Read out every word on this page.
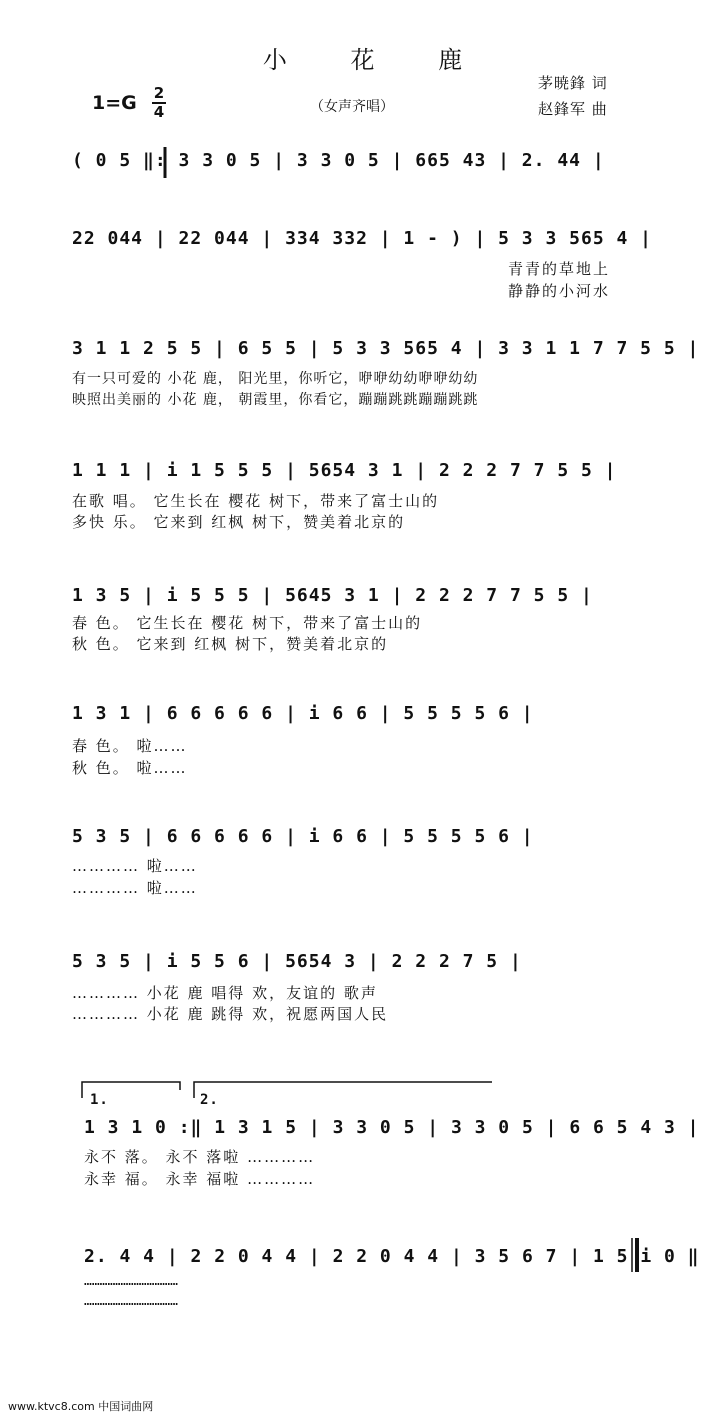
小 花 鹿
茅暁鋒 词
赵鋒军 曲
1=G 2
4	（女声齐唱）
( 0 5 ‖: 3 3 0 5 | 3 3 0 5 | 665 43 | 2. 44 |
22 044 | 22 044 | 334 332 | 1 - ) | 5 3 3 565 4 |
青青的草地上
静静的小河水
3 1 1 2 5 5 | 6 5 5 | 5 3 3 565 4 | 3 3 1 1 7 7 5 5 |
有一只可爱的 小花 鹿， 阳光里，你听它，咿咿幼幼咿咿幼幼
映照出美丽的 小花 鹿， 朝霞里，你看它，蹦蹦跳跳蹦蹦跳跳
1 1 1 | i 1 5 5 5 | 5654 3 1 | 2 2 2 7 7 5 5 |
在歌 唱。 它生长在 樱花 树下，带来了富士山的
多快 乐。 它来到 红枫 树下，赞美着北京的
1 3 5 | i 5 5 5 | 5645 3 1 | 2 2 2 7 7 5 5 |
春 色。 它生长在 樱花 树下，带来了富士山的
秋 色。 它来到 红枫 树下，赞美着北京的
1 3 1 | 6 6 6 6 6 | i 6 6 | 5 5 5 5 6 |
春 色。 啦……
秋 色。 啦……
5 3 5 | 6 6 6 6 6 | i 6 6 | 5 5 5 5 6 |
………… 啦……
………… 啦……
5 3 5 | i 5 5 6 | 5654 3 | 2 2 2 7 5 |
………… 小花 鹿 唱得 欢，友谊的 歌声
………… 小花 鹿 跳得 欢，祝愿两国人民
1.	2.
1 3 1 0 :‖ 1 3 1 5 | 3 3 0 5 | 3 3 0 5 | 6 6 5 4 3 |
永不 落。 永不 落啦 …………
永幸 福。 永幸 福啦 …………
2. 4 4 | 2 2 0 4 4 | 2 2 0 4 4 | 3 5 6 7 | 1 5 i 0 ‖
………………………………
………………………………
www.ktvc8.com 中国词曲网
